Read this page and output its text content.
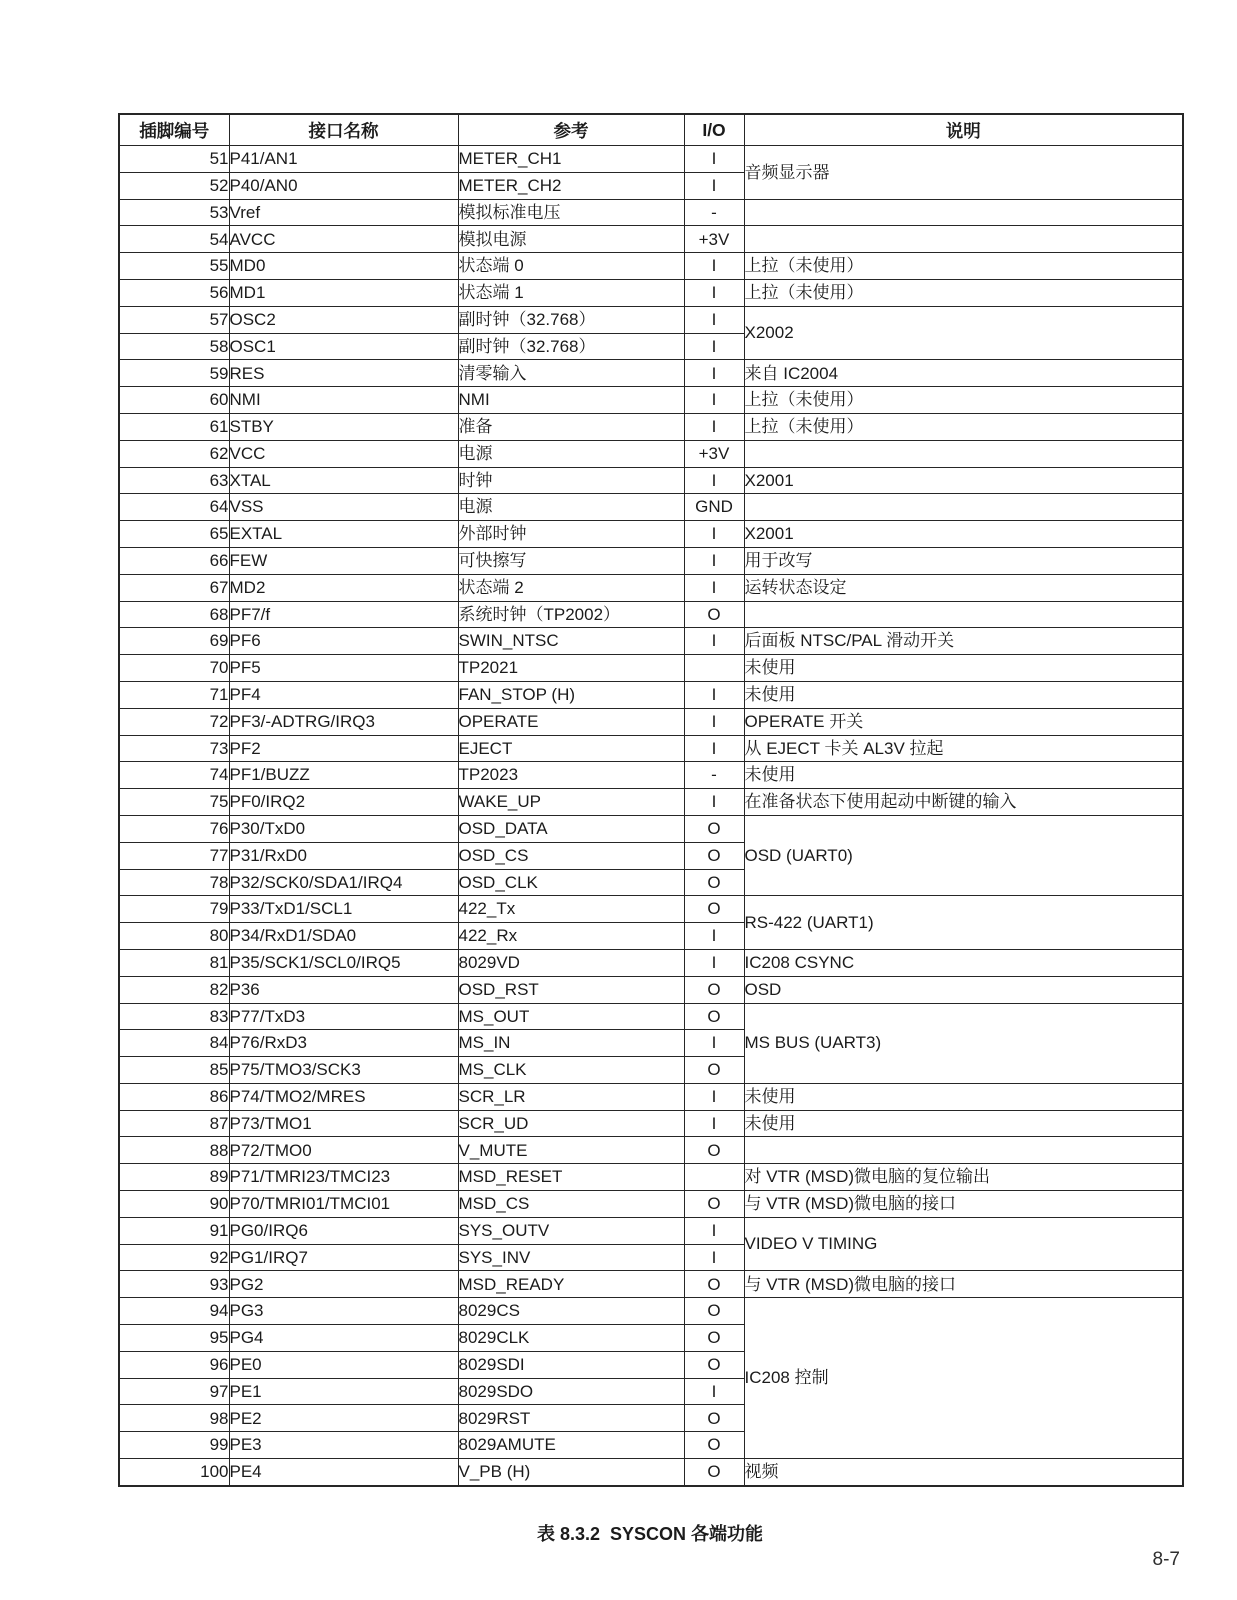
插脚编号	接口名称	参考	I/O	说明
51	P41/AN1	METER_CH1	I	音频显示器
52	P40/AN0	METER_CH2	I	
53	Vref	模拟标准电压	-	
54	AVCC	模拟电源	+3V	
55	MD0	状态端 0	I	上拉（未使用）
56	MD1	状态端 1	I	上拉（未使用）
57	OSC2	副时钟（32.768）	I	X2002
58	OSC1	副时钟（32.768）	I	
59	RES	清零输入	I	来自 IC2004
60	NMI	NMI	I	上拉（未使用）
61	STBY	准备	I	上拉（未使用）
62	VCC	电源	+3V	
63	XTAL	时钟	I	X2001
64	VSS	电源	GND	
65	EXTAL	外部时钟	I	X2001
66	FEW	可快擦写	I	用于改写
67	MD2	状态端 2	I	运转状态设定
68	PF7/f	系统时钟（TP2002）	O	
69	PF6	SWIN_NTSC	I	后面板 NTSC/PAL 滑动开关
70	PF5	TP2021		未使用
71	PF4	FAN_STOP (H)	I	未使用
72	PF3/-ADTRG/IRQ3	OPERATE	I	OPERATE 开关
73	PF2	EJECT	I	从 EJECT 卡关 AL3V 拉起
74	PF1/BUZZ	TP2023	-	未使用
75	PF0/IRQ2	WAKE_UP	I	在准备状态下使用起动中断键的输入
76	P30/TxD0	OSD_DATA	O	OSD (UART0)
77	P31/RxD0	OSD_CS	O	
78	P32/SCK0/SDA1/IRQ4	OSD_CLK	O	
79	P33/TxD1/SCL1	422_Tx	O	RS-422 (UART1)
80	P34/RxD1/SDA0	422_Rx	I	
81	P35/SCK1/SCL0/IRQ5	8029VD	I	IC208 CSYNC
82	P36	OSD_RST	O	OSD
83	P77/TxD3	MS_OUT	O	MS BUS (UART3)
84	P76/RxD3	MS_IN	I	
85	P75/TMO3/SCK3	MS_CLK	O	
86	P74/TMO2/MRES	SCR_LR	I	未使用
87	P73/TMO1	SCR_UD	I	未使用
88	P72/TMO0	V_MUTE	O	
89	P71/TMRI23/TMCI23	MSD_RESET		对 VTR (MSD)微电脑的复位输出
90	P70/TMRI01/TMCI01	MSD_CS	O	与 VTR (MSD)微电脑的接口
91	PG0/IRQ6	SYS_OUTV	I	VIDEO V TIMING
92	PG1/IRQ7	SYS_INV	I	
93	PG2	MSD_READY	O	与 VTR (MSD)微电脑的接口
94	PG3	8029CS	O	IC208 控制
95	PG4	8029CLK	O	
96	PE0	8029SDI	O	
97	PE1	8029SDO	I	
98	PE2	8029RST	O	
99	PE3	8029AMUTE	O	
100	PE4	V_PB (H)	O	视频
表 8.3.2  SYSCON 各端功能
8-7
